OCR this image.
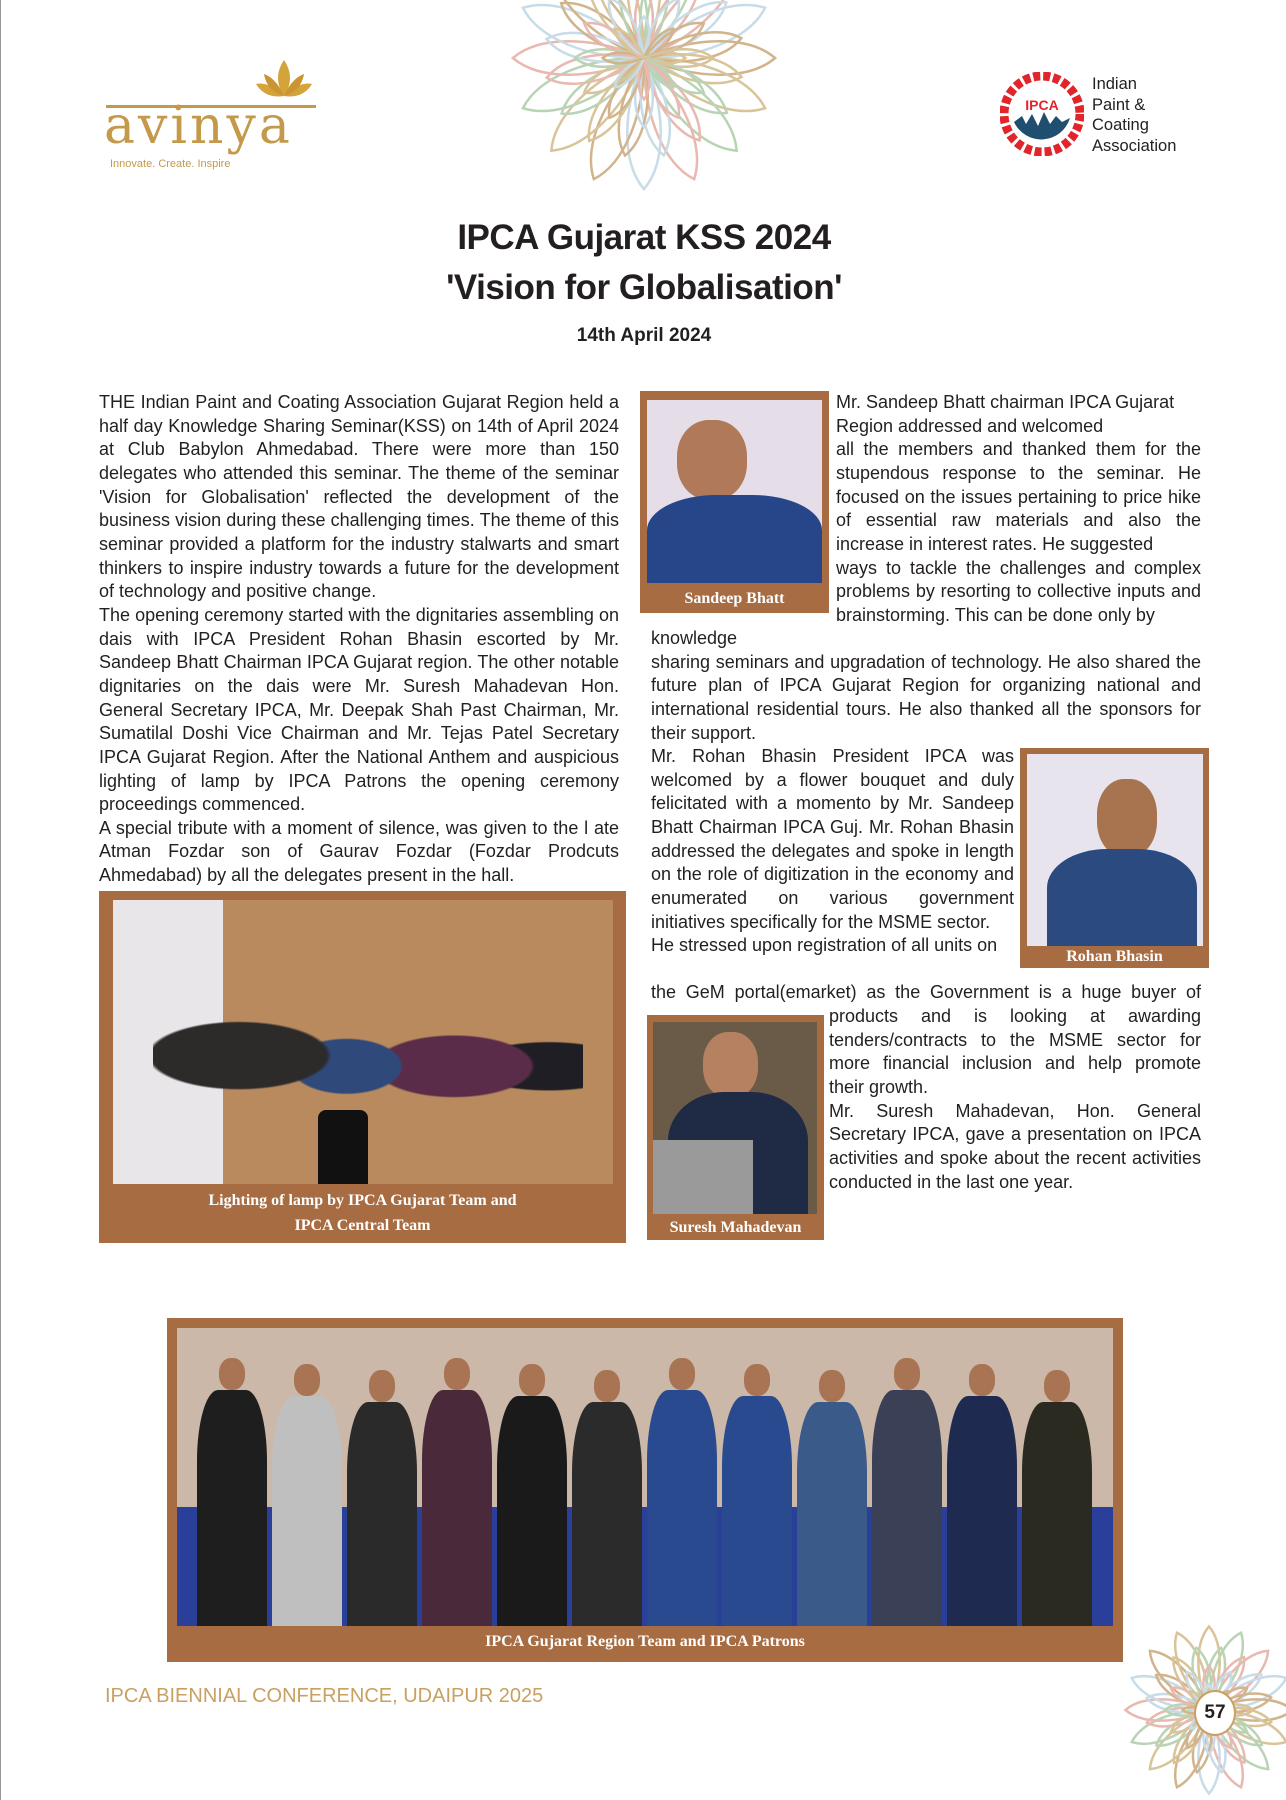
avinya
Innovate. Create. Inspire
IPCA
Indian
Paint &
Coating
Association
IPCA Gujarat KSS 2024
'Vision for Globalisation'
14th April 2024

THE Indian Paint and Coating Association Gujarat Region held a half day Knowledge Sharing Seminar(KSS) on 14th of April 2024 at Club Babylon Ahmedabad. There were more than 150 delegates who attended this seminar. The theme of the seminar 'Vision for Globalisation' reflected the development of the business vision during these challenging times. The theme of this seminar provided a platform for the industry stalwarts and smart thinkers to inspire industry towards a future for the development of technology and positive change.

The opening ceremony started with the dignitaries assembling on dais with IPCA President Rohan Bhasin escorted by Mr. Sandeep Bhatt Chairman IPCA Gujarat region. The other notable dignitaries on the dais were Mr. Suresh Mahadevan Hon. General Secretary IPCA, Mr. Deepak Shah Past Chairman, Mr. Sumatilal Doshi Vice Chairman and Mr. Tejas Patel Secretary IPCA Gujarat Region. After the National Anthem and auspicious lighting of lamp by IPCA Patrons the opening ceremony proceedings commenced.

A special tribute with a moment of silence, was given to the l ate Atman Fozdar son of Gaurav Fozdar (Fozdar Prodcuts Ahmedabad) by all the delegates present in the hall.

Lighting of lamp by IPCA Gujarat Team and
IPCA Central Team
Sandeep Bhatt

Mr. Sandeep Bhatt chairman IPCA Gujarat Region addressed and welcomed

all the members and thanked them for the stupendous response to the seminar. He focused on the issues pertaining to price hike of essential raw materials and also the increase in interest rates. He suggested

ways to tackle the challenges and complex problems by resorting to collective inputs and brainstorming. This can be done only by

knowledge

sharing seminars and upgradation of technology. He also shared the future plan of IPCA Gujarat Region for organizing national and international residential tours. He also thanked all the sponsors for their support.

Mr. Rohan Bhasin President IPCA was welcomed by a flower bouquet and duly felicitated with a momento by Mr. Sandeep Bhatt Chairman IPCA Guj. Mr. Rohan Bhasin addressed the delegates and spoke in length on the role of digitization in the economy and enumerated on various government initiatives specifically for the MSME sector.

He stressed upon registration of all units on

the GeM portal(emarket) as the Government is a huge buyer of

products and is looking at awarding tenders/contracts to the MSME sector for more financial inclusion and help promote their growth.

Mr. Suresh Mahadevan, Hon. General Secretary IPCA, gave a presentation on IPCA activities and spoke about the recent activities conducted in the last one year.

Rohan Bhasin
Suresh Mahadevan
IPCA Gujarat Region Team and IPCA Patrons
IPCA BIENNIAL CONFERENCE, UDAIPUR 2025
57
